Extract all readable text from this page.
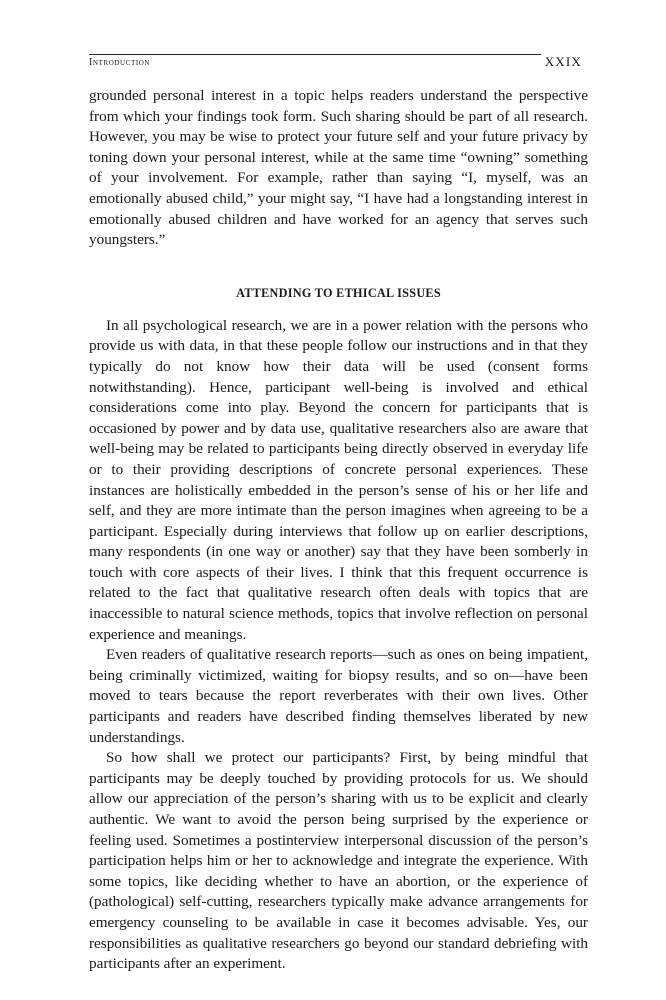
Introduction	XXIX

grounded personal interest in a topic helps readers understand the perspective from which your findings took form. Such sharing should be part of all research. However, you may be wise to protect your future self and your future privacy by toning down your personal interest, while at the same time “owning” something of your involvement. For example, rather than saying “I, myself, was an emotionally abused child,” your might say, “I have had a longstanding interest in emotionally abused children and have worked for an agency that serves such youngsters.”

ATTENDING TO ETHICAL ISSUES

In all psychological research, we are in a power relation with the persons who provide us with data, in that these people follow our instructions and in that they typically do not know how their data will be used (consent forms notwithstanding). Hence, participant well-being is involved and ethical considerations come into play. Beyond the concern for participants that is occasioned by power and by data use, qualitative researchers also are aware that well-being may be related to participants being directly observed in everyday life or to their providing descriptions of concrete personal experiences. These instances are holistically embedded in the person’s sense of his or her life and self, and they are more intimate than the person imagines when agreeing to be a participant. Especially during interviews that follow up on earlier descriptions, many respondents (in one way or another) say that they have been somberly in touch with core aspects of their lives. I think that this frequent occurrence is related to the fact that qualitative research often deals with topics that are inaccessible to natural science methods, topics that involve reflection on personal experience and meanings.

Even readers of qualitative research reports—such as ones on being impatient, being criminally victimized, waiting for biopsy results, and so on—have been moved to tears because the report reverberates with their own lives. Other participants and readers have described finding themselves liberated by new understandings.

So how shall we protect our participants? First, by being mindful that participants may be deeply touched by providing protocols for us. We should allow our appreciation of the person’s sharing with us to be explicit and clearly authentic. We want to avoid the person being surprised by the experience or feeling used. Sometimes a postinterview interpersonal discussion of the person’s participation helps him or her to acknowledge and integrate the experience. With some topics, like deciding whether to have an abortion, or the experience of (pathological) self-cutting, researchers typically make advance arrangements for emergency counseling to be available in case it becomes advisable. Yes, our responsibilities as qualitative researchers go beyond our standard debriefing with participants after an experiment.
